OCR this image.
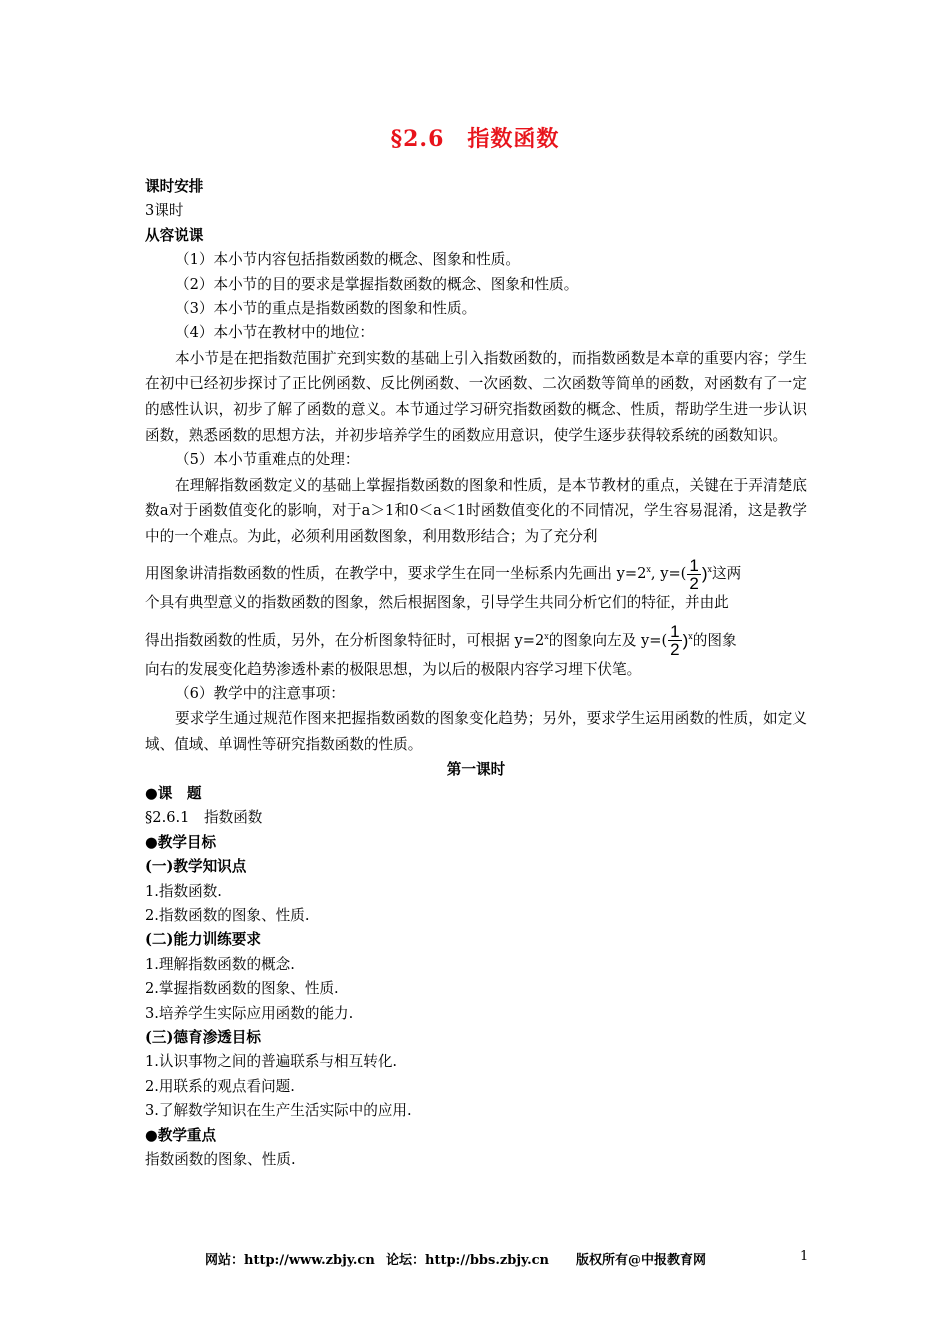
§2.6　指数函数
课时安排
3课时
从容说课
（1）本小节内容包括指数函数的概念、图象和性质。
（2）本小节的目的要求是掌握指数函数的概念、图象和性质。
（3）本小节的重点是指数函数的图象和性质。
（4）本小节在教材中的地位：
本小节是在把指数范围扩充到实数的基础上引入指数函数的，而指数函数是本章的重要内容；学生在初中已经初步探讨了正比例函数、反比例函数、一次函数、二次函数等简单的函数，对函数有了一定的感性认识，初步了解了函数的意义。本节通过学习研究指数函数的概念、性质，帮助学生进一步认识函数，熟悉函数的思想方法，并初步培养学生的函数应用意识，使学生逐步获得较系统的函数知识。
（5）本小节重难点的处理：
在理解指数函数定义的基础上掌握指数函数的图象和性质，是本节教材的重点，关键在于弄清楚底数a对于函数值变化的影响，对于a＞1和0＜a＜1时函数值变化的不同情况，学生容易混淆，这是教学中的一个难点。为此，必须利用函数图象，利用数形结合；为了充分利
用图象讲清指数函数的性质，在教学中，要求学生在同一坐标系内先画出 $y=2^x$, $y=( \frac{1}{2} )^x$这两
个具有典型意义的指数函数的图象，然后根据图象，引导学生共同分析它们的特征，并由此
得出指数函数的性质，另外，在分析图象特征时，可根据 $y=2^x$的图象向左及 $y=( \frac{1}{2} )^x$的图象
向右的发展变化趋势渗透朴素的极限思想，为以后的极限内容学习埋下伏笔。
（6）教学中的注意事项：
要求学生通过规范作图来把握指数函数的图象变化趋势；另外，要求学生运用函数的性质，如定义域、值域、单调性等研究指数函数的性质。
第一课时
●课　题
§2.6.1　指数函数
●教学目标
(一)教学知识点
1.指数函数.
2.指数函数的图象、性质.
(二)能力训练要求
1.理解指数函数的概念.
2.掌握指数函数的图象、性质.
3.培养学生实际应用函数的能力.
(三)德育渗透目标
1.认识事物之间的普遍联系与相互转化.
2.用联系的观点看问题.
3.了解数学知识在生产生活实际中的应用.
●教学重点
指数函数的图象、性质.
网站：http://www.zbjy.cn 论坛：http://bbs.zbjy.cn 版权所有@中报教育网	1
